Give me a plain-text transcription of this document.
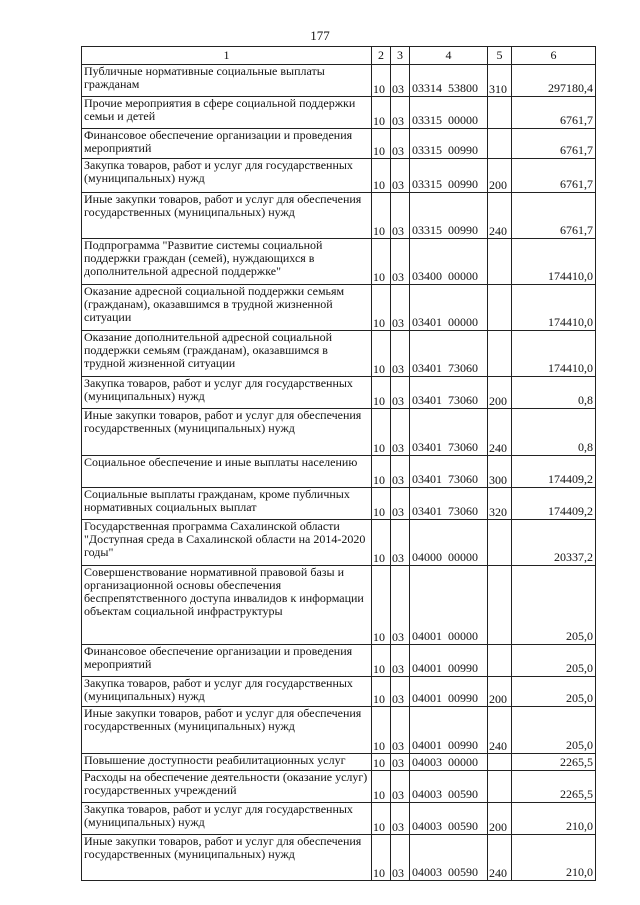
177
1	2	3	4	5	6
Публичные нормативные социальные выплаты гражданам	10	03	03314  53800	310	297180,4
Прочие мероприятия в сфере социальной поддержки семьи и детей	10	03	03315  00000		6761,7
Финансовое обеспечение организации и проведения мероприятий	10	03	03315  00990		6761,7
Закупка товаров, работ и услуг для государственных (муниципальных) нужд	10	03	03315  00990	200	6761,7
Иные закупки товаров, работ и услуг для обеспечения государственных (муниципальных) нужд	10	03	03315  00990	240	6761,7
Подпрограмма "Развитие системы социальной поддержки граждан (семей), нуждающихся в дополнительной адресной поддержке"	10	03	03400  00000		174410,0
Оказание адресной социальной поддержки семьям (гражданам), оказавшимся в трудной жизненной ситуации	10	03	03401  00000		174410,0
Оказание дополнительной адресной социальной поддержки семьям (гражданам), оказавшимся в трудной жизненной ситуации	10	03	03401  73060		174410,0
Закупка товаров, работ и услуг для государственных (муниципальных) нужд	10	03	03401  73060	200	0,8
Иные закупки товаров, работ и услуг для обеспечения государственных (муниципальных) нужд	10	03	03401  73060	240	0,8
Социальное обеспечение и иные выплаты населению	10	03	03401  73060	300	174409,2
Социальные выплаты гражданам, кроме публичных нормативных социальных выплат	10	03	03401  73060	320	174409,2
Государственная программа Сахалинской области "Доступная среда в Сахалинской области на 2014-2020 годы"	10	03	04000  00000		20337,2
Совершенствование нормативной правовой базы и организационной основы обеспечения беспрепятственного доступа инвалидов к информации объектам социальной инфраструктуры	10	03	04001  00000		205,0
Финансовое обеспечение организации и проведения мероприятий	10	03	04001  00990		205,0
Закупка товаров, работ и услуг для государственных (муниципальных) нужд	10	03	04001  00990	200	205,0
Иные закупки товаров, работ и услуг для обеспечения государственных (муниципальных) нужд	10	03	04001  00990	240	205,0
Повышение доступности реабилитационных услуг	10	03	04003  00000		2265,5
Расходы на обеспечение деятельности (оказание услуг) государственных учреждений	10	03	04003  00590		2265,5
Закупка товаров, работ и услуг для государственных (муниципальных) нужд	10	03	04003  00590	200	210,0
Иные закупки товаров, работ и услуг для обеспечения государственных (муниципальных) нужд	10	03	04003  00590	240	210,0
